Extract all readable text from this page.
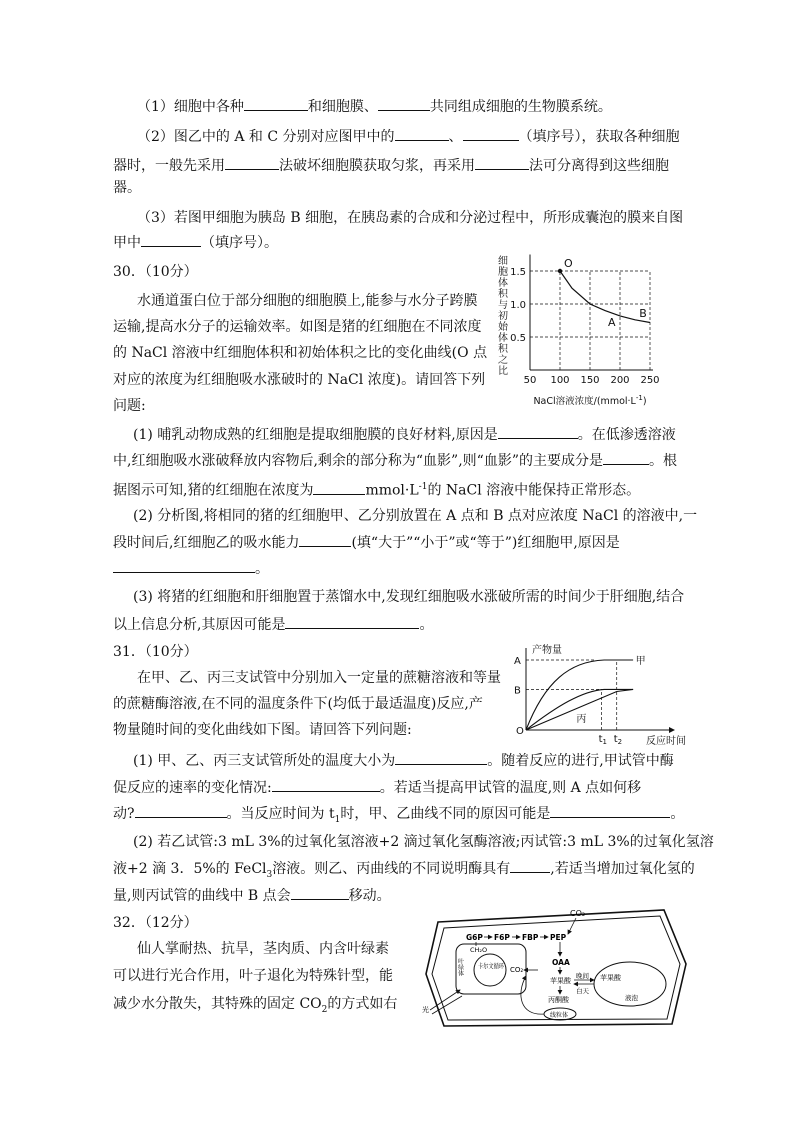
（1）细胞中各种	和细胞膜、	共同组成细胞的生物膜系统。
（2）图乙中的 A 和 C 分别对应图甲中的	、	（填序号），获取各种细胞
器时，一般先采用	法破坏细胞膜获取匀浆，再采用	法可分离得到这些细胞
器。
（3）若图甲细胞为胰岛 B 细胞，在胰岛素的合成和分泌过程中，所形成囊泡的膜来自图
甲中	（填序号）。
30．（10分）
水通道蛋白位于部分细胞的细胞膜上,能参与水分子跨膜
运输,提高水分子的运输效率。如图是猪的红细胞在不同浓度
的 NaCl 溶液中红细胞体积和初始体积之比的变化曲线(O 点
对应的浓度为红细胞吸水涨破时的 NaCl 浓度)。请回答下列
问题:
细
胞
体
积
与
初
始
体
积
之
比
0.5
1.0
1.5
50 100 150 200 250
O
A
B
NaCl溶液浓度$/(mmol\cdot L^{-1})$
(1) 哺乳动物成熟的红细胞是提取细胞膜的良好材料,原因是	。在低渗透溶液
中,红细胞吸水涨破释放内容物后,剩余的部分称为“血影”,则“血影”的主要成分是	。根
据图示可知,猪的红细胞在浓度为	$mmol\cdot L^{-1}$的 NaCl 溶液中能保持正常形态。
(2) 分析图,将相同的猪的红细胞甲、乙分别放置在 A 点和 B 点对应浓度 NaCl 的溶液中,一
段时间后,红细胞乙的吸水能力	(填“大于”“小于”或“等于”)红细胞甲,原因是
。
(3) 将猪的红细胞和肝细胞置于蒸馏水中,发现红细胞吸水涨破所需的时间少于肝细胞,结合
以上信息分析,其原因可能是	。
31．（10分）
在甲、乙、丙三支试管中分别加入一定量的蔗糖溶液和等量
的蔗糖酶溶液,在不同的温度条件下(均低于最适温度)反应,产
物量随时间的变化曲线如下图。请回答下列问题:
产物量
反应时间
O
A
B
甲
丙
$t_1$ $t_2$
(1) 甲、乙、丙三支试管所处的温度大小为	。随着反应的进行,甲试管中酶
促反应的速率的变化情况:	。若适当提高甲试管的温度,则 A 点如何移
动?	。当反应时间为 $t_1$时，甲、乙曲线不同的原因可能是	。
(2) 若乙试管:3 mL 3%的过氧化氢溶液+2 滴过氧化氢酶溶液;丙试管:3 mL 3%的过氧化氢溶
液+2 滴 3．5%的 FeCl$_3$溶液。则乙、丙曲线的不同说明酶具有	,若适当增加过氧化氢的
量,则丙试管的曲线中 B 点会	移动。
32．（12分）
仙人掌耐热、抗旱，茎肉质、内含叶绿素
可以进行光合作用，叶子退化为特殊针型，能
减少水分散失，其特殊的固定 $CO_2$的方式如右
CO₂
G6P F6P FBP PEP
叶绿体
CH₂O
卡尔文循环 CO₂
OAA
苹果酸
晚间
白天
苹果酸
液泡
丙酮酸
线粒体
光
